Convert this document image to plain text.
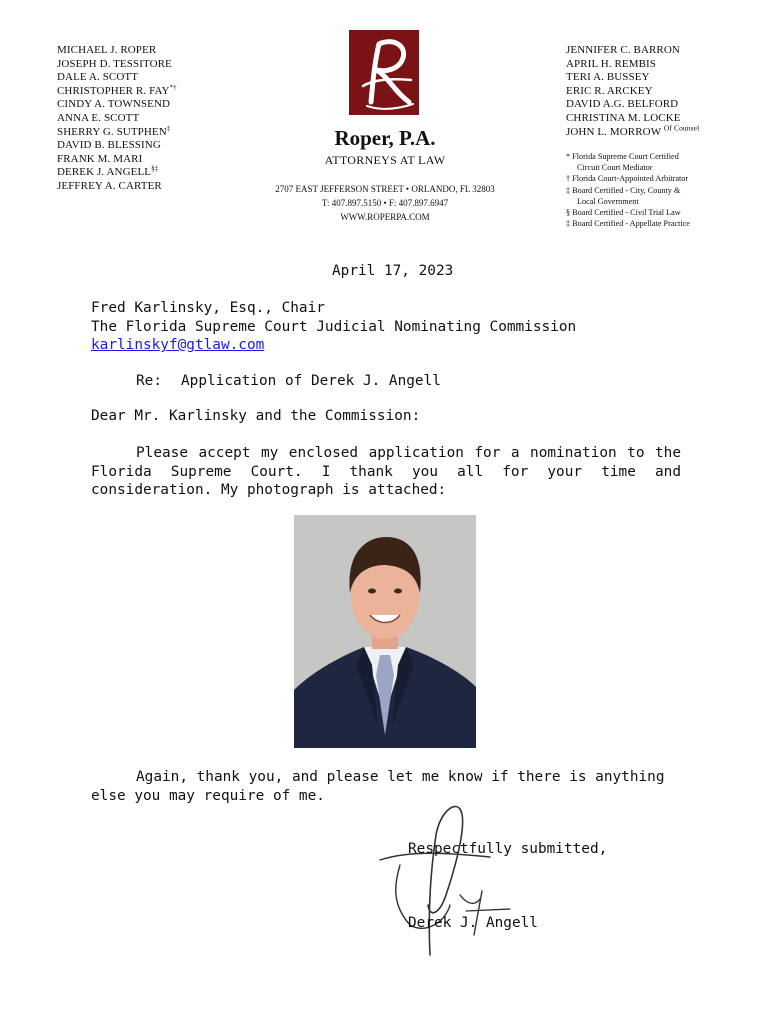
MICHAEL J. ROPER
JOSEPH D. TESSITORE
DALE A. SCOTT
CHRISTOPHER R. FAY*†
CINDY A. TOWNSEND
ANNA E. SCOTT
SHERRY G. SUTPHEN‡
DAVID B. BLESSING
FRANK M. MARI
DEREK J. ANGELL§‡
JEFFREY A. CARTER
JENNIFER C. BARRON
APRIL H. REMBIS
TERI A. BUSSEY
ERIC R. ARCKEY
DAVID A.G. BELFORD
CHRISTINA M. LOCKE
JOHN L. MORROW $^{Of Counsel}$
* Florida Supreme Court Certified
Circuit Court Mediator
† Florida Court-Appointed Arbitrator
‡ Board Certified - City, County &
Local Government
§ Board Certified - Civil Trial Law
‡ Board Certified - Appellate Practice
Roper, P.A.
ATTORNEYS AT LAW
2707 EAST JEFFERSON STREET • ORLANDO, FL 32803
T: 407.897.5150 • F: 407.897.6947
WWW.ROPERPA.COM
April 17, 2023
Fred Karlinsky, Esq., Chair
The Florida Supreme Court Judicial Nominating Commission
karlinskyf@gtlaw.com
Re: Application of Derek J. Angell
Dear Mr. Karlinsky and the Commission:
Please accept my enclosed application for a nomination to the Florida Supreme Court. I thank you all for your time and consideration. My photograph is attached:
Again, thank you, and please let me know if there is anything else you may require of me.
Respectfully submitted,
Derek J. Angell
